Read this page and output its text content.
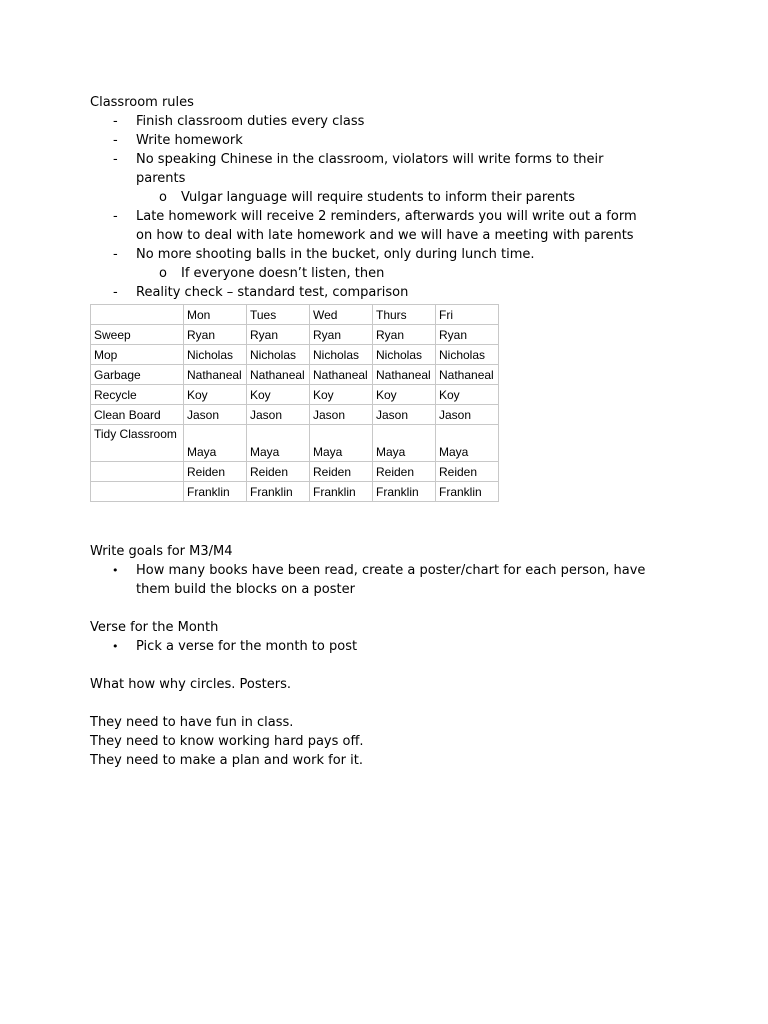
Classroom rules

- Finish classroom duties every class
- Write homework
- No speaking Chinese in the classroom, violators will write forms to their parents
o Vulgar language will require students to inform their parents
- Late homework will receive 2 reminders, afterwards you will write out a form on how to deal with late homework and we will have a meeting with parents
- No more shooting balls in the bucket, only during lunch time.
o If everyone doesn’t listen, then
- Reality check – standard test, comparison
	Mon	Tues	Wed	Thurs	Fri
Sweep	Ryan	Ryan	Ryan	Ryan	Ryan
Mop	Nicholas	Nicholas	Nicholas	Nicholas	Nicholas
Garbage	Nathaneal	Nathaneal	Nathaneal	Nathaneal	Nathaneal
Recycle	Koy	Koy	Koy	Koy	Koy
Clean Board	Jason	Jason	Jason	Jason	Jason
Tidy Classroom	Maya	Maya	Maya	Maya	Maya
	Reiden	Reiden	Reiden	Reiden	Reiden
	Franklin	Franklin	Franklin	Franklin	Franklin

Write goals for M3/M4

• How many books have been read, create a poster/chart for each person, have them build the blocks on a poster

Verse for the Month

• Pick a verse for the month to post

What how why circles. Posters.

They need to have fun in class.

They need to know working hard pays off.

They need to make a plan and work for it.
